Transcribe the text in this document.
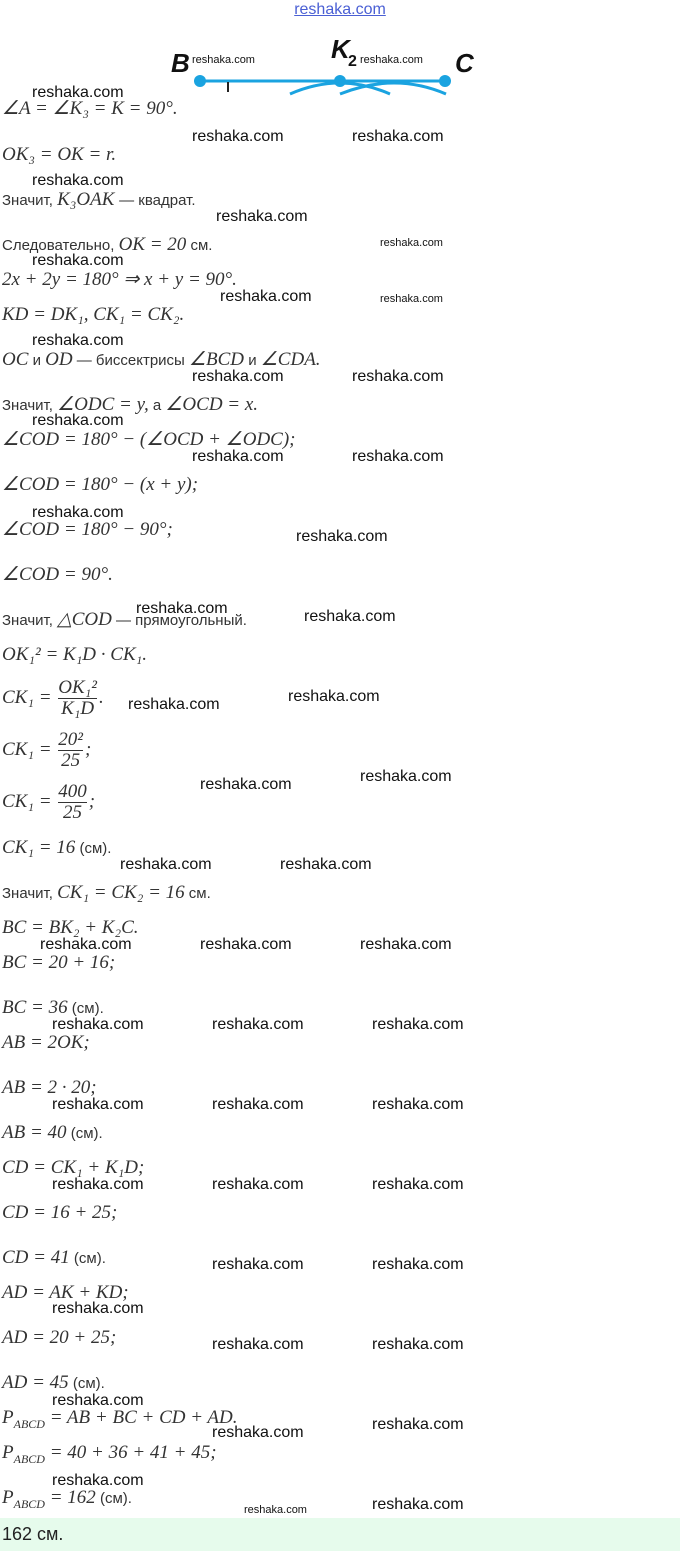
reshaka.com
B	K
2	C
reshaka.com	reshaka.com
∠A = ∠K₃ = K = 90°.
OK₃ = OK = r.
Значит, K₃OAK — квадрат.
Следовательно, OK = 20 см.
2x + 2y = 180° ⇒ x + y = 90°.
KD = DK₁, CK₁ = CK₂.
OC и OD — биссектрисы ∠BCD и ∠CDA.
Значит, ∠ODC = y, а ∠OCD = x.
∠COD = 180° − (∠OCD + ∠ODC);
∠COD = 180° − (x + y);
∠COD = 180° − 90°;
∠COD = 90°.
Значит, △COD — прямоугольный.
OK₁² = K₁D · CK₁.
$CK_1 = \frac{\text{OK₁²}}{\text{K₁D}}$ .
$CK_1 = \frac{\text{20²}}{25}$ ;
$CK_1 = \frac{400}{25}$ ;
CK₁ = 16 (см).
Значит, CK₁ = CK₂ = 16 см.
BC = BK₂ + K₂C.
BC = 20 + 16;
BC = 36 (см).
AB = 2OK;
AB = 2 · 20;
AB = 40 (см).
CD = CK₁ + K₁D;
CD = 16 + 25;
CD = 41 (см).
AD = AK + KD;
AD = 20 + 25;
AD = 45 (см).
$P_{ABCD}$ = AB + BC + CD + AD.
$P_{ABCD} = 40 + 36 + 41 + 45$;
$P_{ABCD} = 162$ (см).
reshaka.com
reshaka.com	reshaka.com
reshaka.com
reshaka.com
reshaka.com
reshaka.com
reshaka.com	reshaka.com
reshaka.com
reshaka.com	reshaka.com
reshaka.com
reshaka.com	reshaka.com
reshaka.com
reshaka.com
reshaka.com	reshaka.com
reshaka.com
reshaka.com
reshaka.com
reshaka.com
reshaka.com	reshaka.com
reshaka.com	reshaka.com	reshaka.com
reshaka.com	reshaka.com	reshaka.com
reshaka.com	reshaka.com	reshaka.com
reshaka.com	reshaka.com	reshaka.com
reshaka.com	reshaka.com
reshaka.com
reshaka.com	reshaka.com
reshaka.com
reshaka.com	reshaka.com
reshaka.com
reshaka.com	reshaka.com
162 см.
